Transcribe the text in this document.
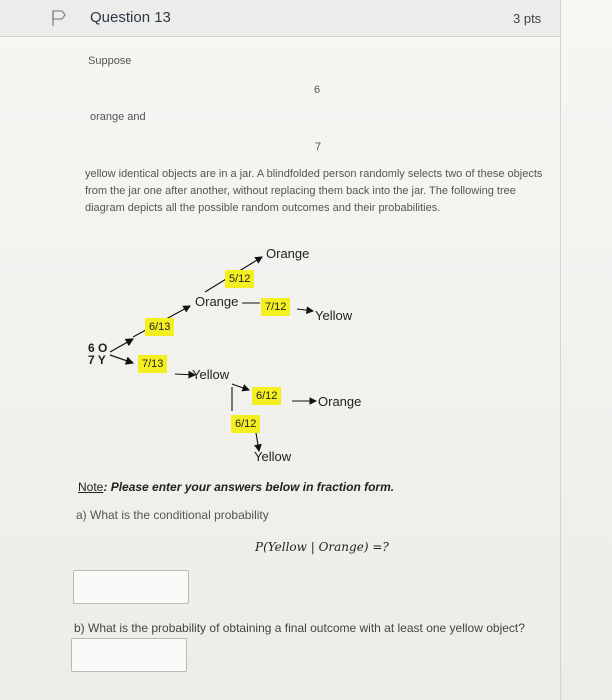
Question 13	3 pts
Suppose
6
orange and
7
yellow identical objects are in a jar. A blindfolded person randomly selects two of these objects from the jar one after another, without replacing them back into the jar. The following tree diagram depicts all the possible random outcomes and their probabilities.
6 O
7 Y
6/13
7/13
Orange
Yellow
5/12
7/12
6/12
6/12
Orange
Yellow
Orange
Yellow
Note: Please enter your answers below in fraction form.
a) What is the conditional probability
P(Yellow | Orange) =?
b) What is the probability of obtaining a final outcome with at least one yellow object?
